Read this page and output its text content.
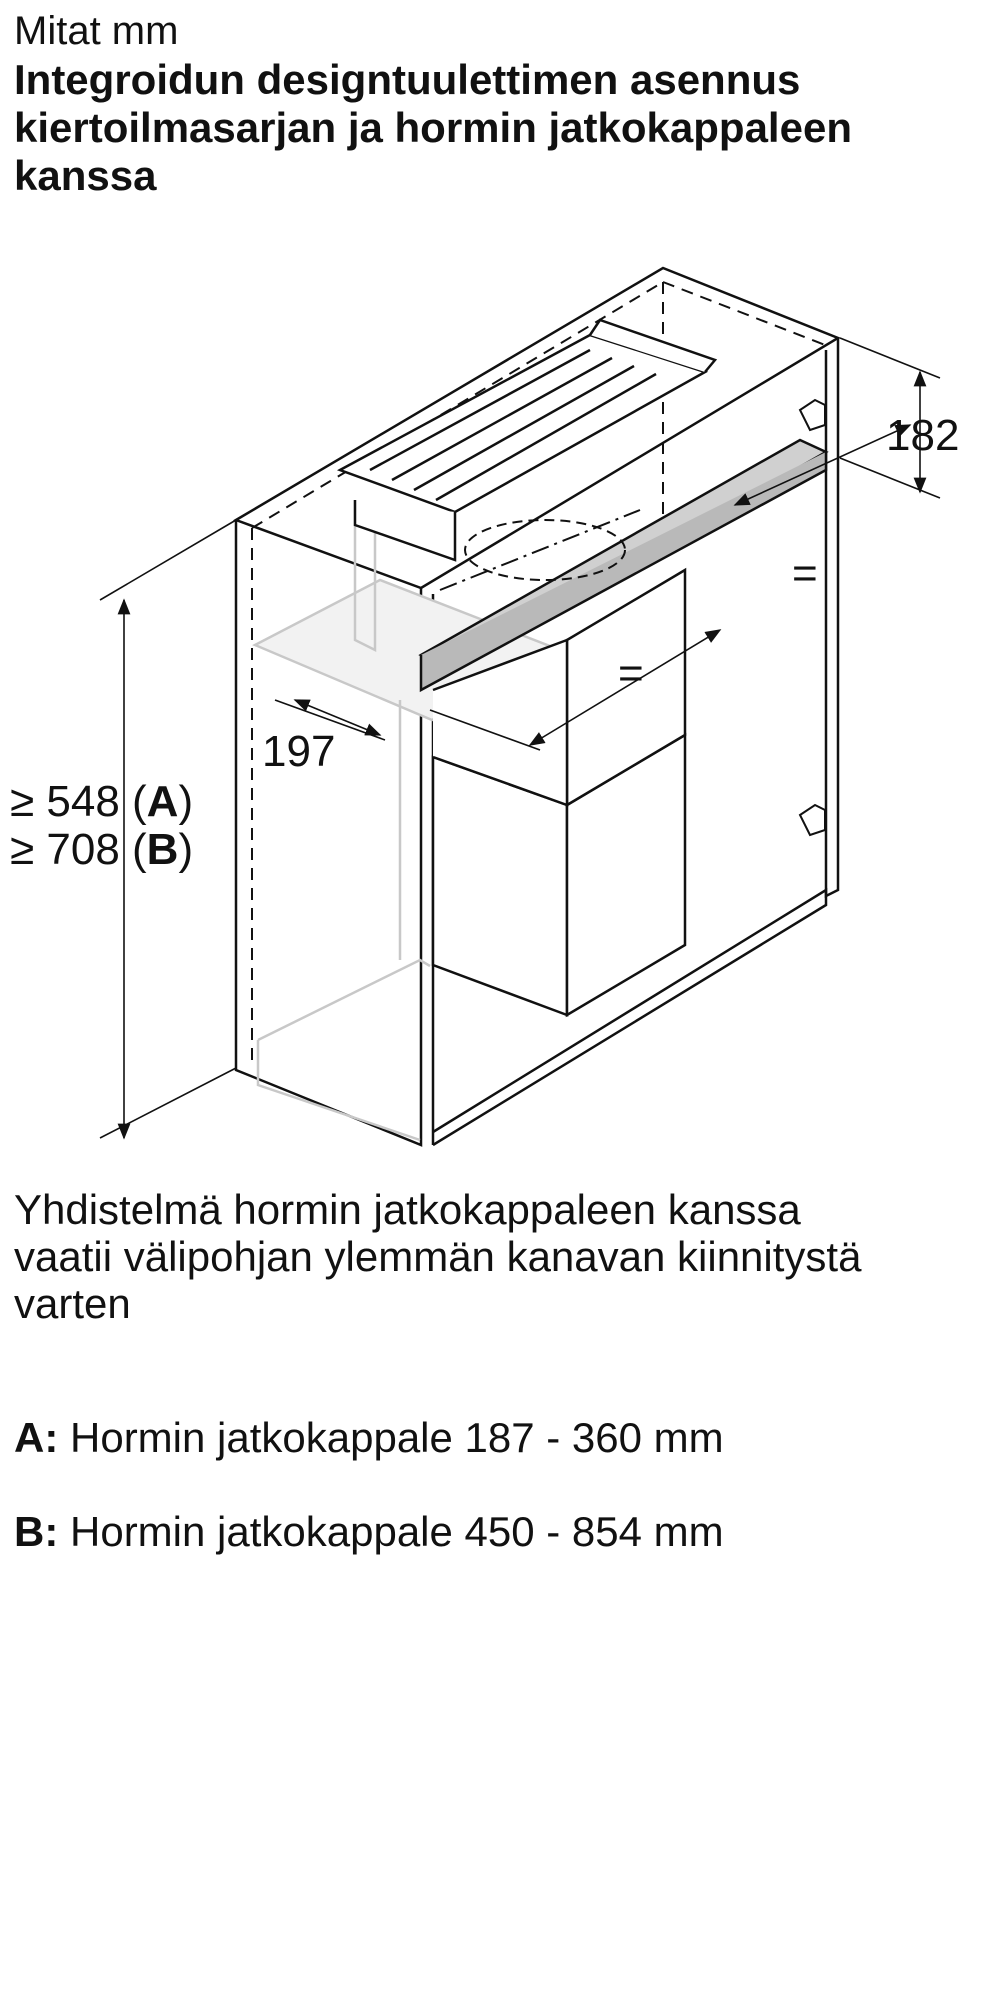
Mitat mm
Integroidun designtuulettimen asennus
kiertoilmasarjan ja hormin jatkokappaleen
kanssa
182
=
=
197
≥ 548 (A)
≥ 708 (B)
Yhdistelmä hormin jatkokappaleen kanssa
vaatii välipohjan ylemmän kanavan kiinnitystä
varten
A: Hormin jatkokappale 187 - 360 mm
B: Hormin jatkokappale 450 - 854 mm
